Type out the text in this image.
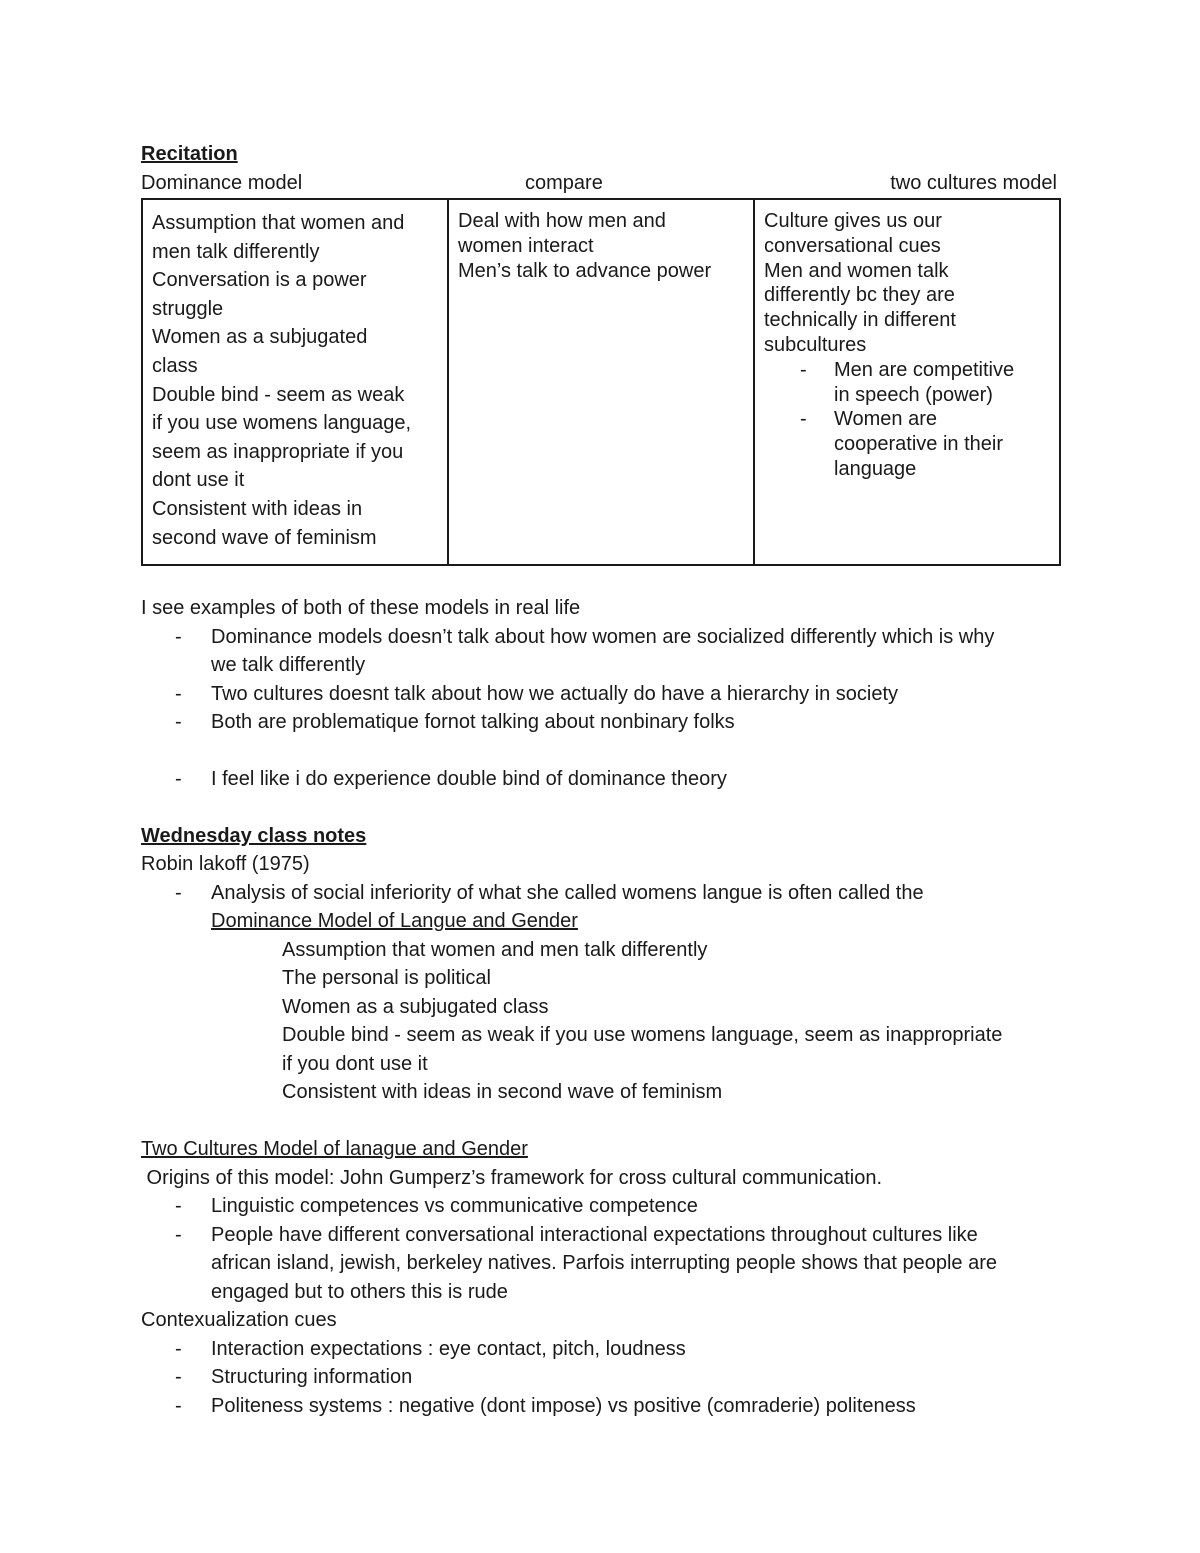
Recitation

Dominance model	compare	two cultures model
Assumption that women and
men talk differently
Conversation is a power
struggle
Women as a subjugated
class
Double bind - seem as weak
if you use womens language,
seem as inappropriate if you
dont use it
Consistent with ideas in
second wave of feminism

Deal with how men and
women interact
Men’s talk to advance power

Culture gives us our
conversational cues
Men and women talk
differently bc they are
technically in different
subcultures
- Men are competitive
in speech (power)
- Women are
cooperative in their
language

I see examples of both of these models in real life

- Dominance models doesn’t talk about how women are socialized differently which is why
we talk differently
- Two cultures doesnt talk about how we actually do have a hierarchy in society
- Both are problematique fornot talking about nonbinary folks
- I feel like i do experience double bind of dominance theory

Wednesday class notes

Robin lakoff (1975)

- Analysis of social inferiority of what she called womens langue is often called the
Dominance Model of Langue and Gender
Assumption that women and men talk differently
The personal is political
Women as a subjugated class
Double bind - seem as weak if you use womens language, seem as inappropriate
if you dont use it
Consistent with ideas in second wave of feminism

Two Cultures Model of lanague and Gender

Origins of this model: John Gumperz’s framework for cross cultural communication.

- Linguistic competences vs communicative competence
- People have different conversational interactional expectations throughout cultures like
african island, jewish, berkeley natives. Parfois interrupting people shows that people are
engaged but to others this is rude

Contexualization cues

- Interaction expectations : eye contact, pitch, loudness
- Structuring information
- Politeness systems : negative (dont impose) vs positive (comraderie) politeness
